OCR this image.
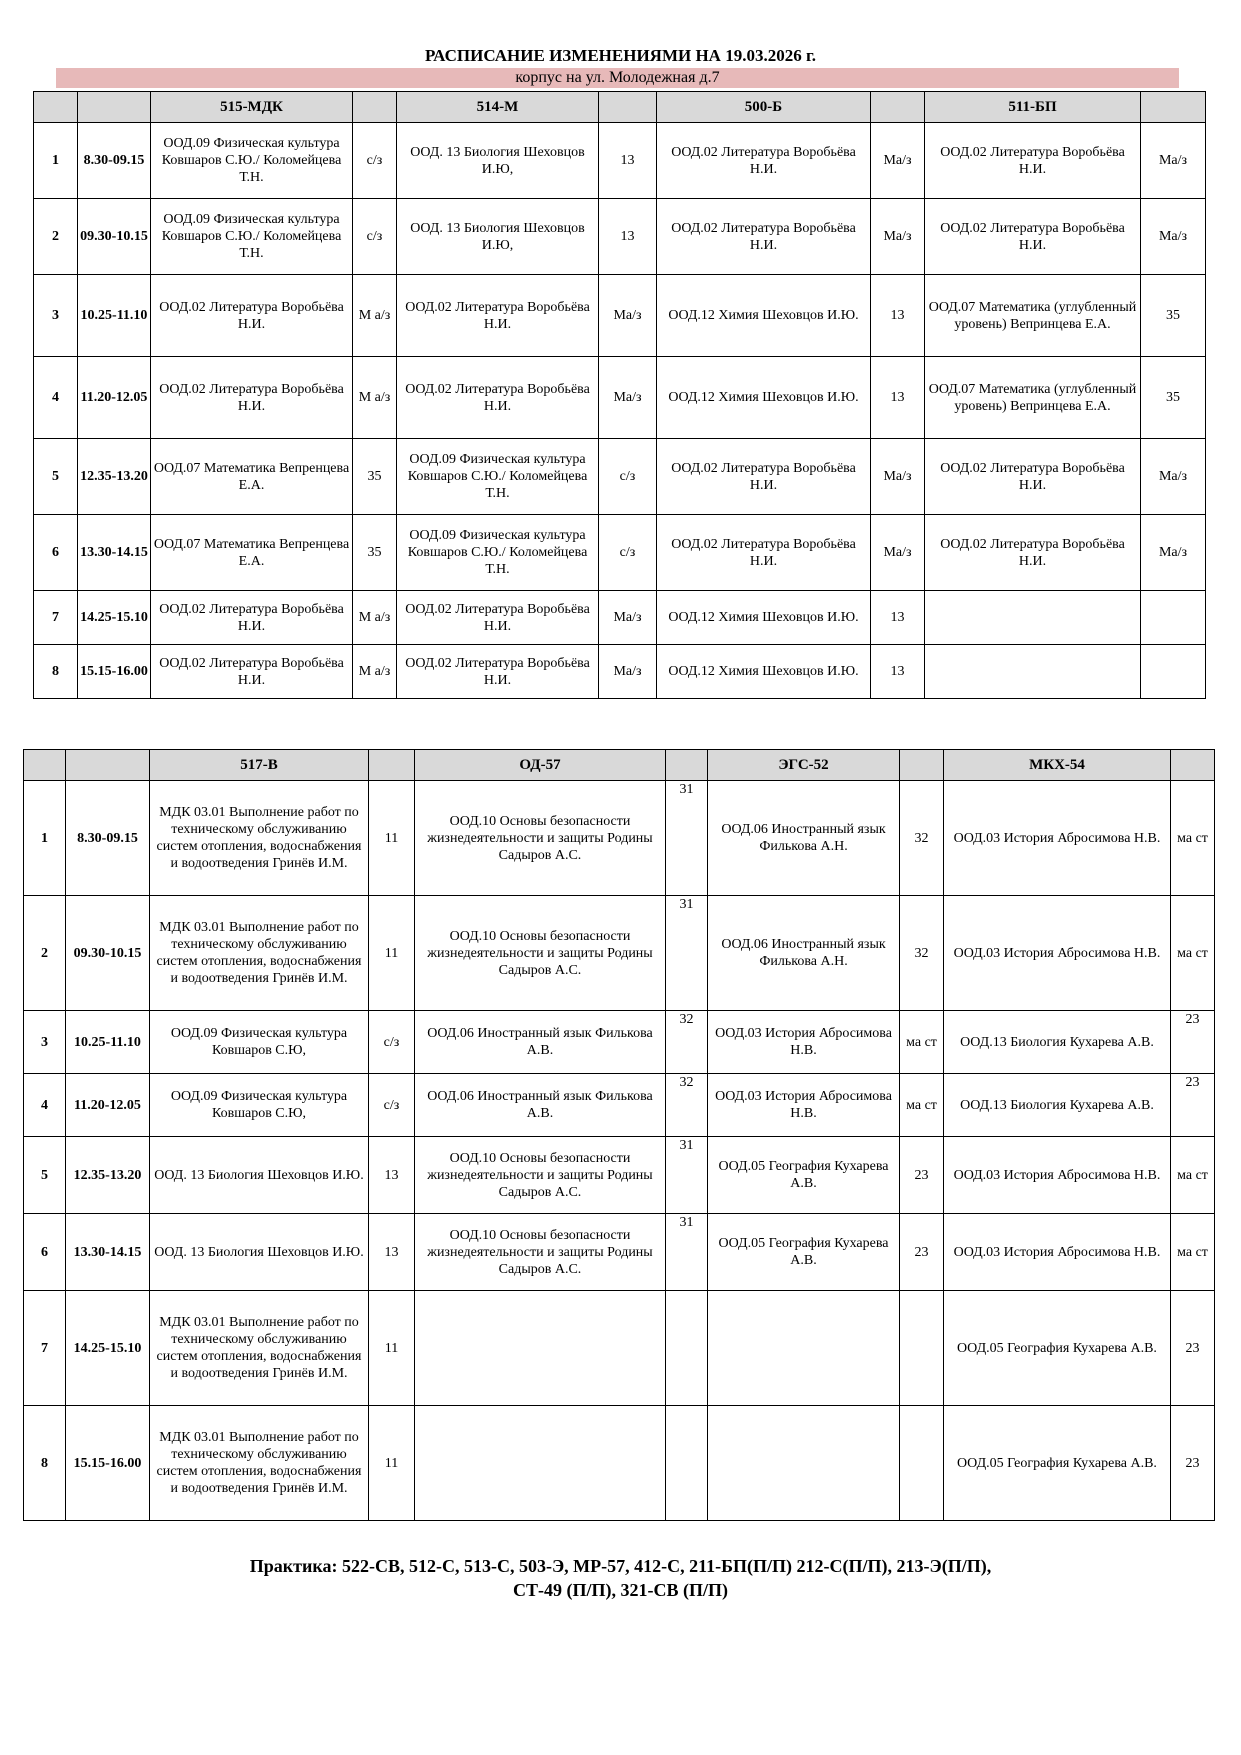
РАСПИСАНИЕ ИЗМЕНЕНИЯМИ НА 19.03.2026 г.
корпус на ул. Молодежная д.7
		515-МДК		514-М		500-Б		511-БП	
1	8.30-09.15	ООД.09 Физическая культура Ковшаров С.Ю./ Коломейцева Т.Н.	с/з	ООД. 13 Биология Шеховцов И.Ю,	13	ООД.02 Литература Воробьёва Н.И.	Ма/з	ООД.02 Литература Воробьёва Н.И.	Ма/з
2	09.30-10.15	ООД.09 Физическая культура Ковшаров С.Ю./ Коломейцева Т.Н.	с/з	ООД. 13 Биология Шеховцов И.Ю,	13	ООД.02 Литература Воробьёва Н.И.	Ма/з	ООД.02 Литература Воробьёва Н.И.	Ма/з
3	10.25-11.10	ООД.02 Литература Воробьёва Н.И.	М а/з	ООД.02 Литература Воробьёва Н.И.	Ма/з	ООД.12 Химия Шеховцов И.Ю.	13	ООД.07 Математика (углубленный уровень) Вепринцева Е.А.	35
4	11.20-12.05	ООД.02 Литература Воробьёва Н.И.	М а/з	ООД.02 Литература Воробьёва Н.И.	Ма/з	ООД.12 Химия Шеховцов И.Ю.	13	ООД.07 Математика (углубленный уровень) Вепринцева Е.А.	35
5	12.35-13.20	ООД.07 Математика Вепренцева Е.А.	35	ООД.09 Физическая культура Ковшаров С.Ю./ Коломейцева Т.Н.	с/з	ООД.02 Литература Воробьёва Н.И.	Ма/з	ООД.02 Литература Воробьёва Н.И.	Ма/з
6	13.30-14.15	ООД.07 Математика Вепренцева Е.А.	35	ООД.09 Физическая культура Ковшаров С.Ю./ Коломейцева Т.Н.	с/з	ООД.02 Литература Воробьёва Н.И.	Ма/з	ООД.02 Литература Воробьёва Н.И.	Ма/з
7	14.25-15.10	ООД.02 Литература Воробьёва Н.И.	М а/з	ООД.02 Литература Воробьёва Н.И.	Ма/з	ООД.12 Химия Шеховцов И.Ю.	13		
8	15.15-16.00	ООД.02 Литература Воробьёва Н.И.	М а/з	ООД.02 Литература Воробьёва Н.И.	Ма/з	ООД.12 Химия Шеховцов И.Ю.	13		
		517-В		ОД-57		ЭГС-52		МКХ-54	
1	8.30-09.15	МДК 03.01 Выполнение работ по техническому обслуживанию систем отопления, водоснабжения и водоотведения Гринёв И.М.	11	ООД.10 Основы безопасности жизнедеятельности и защиты Родины Садыров А.С.	31	ООД.06 Иностранный язык Филькова А.Н.	32	ООД.03 История Абросимова Н.В.	ма ст
2	09.30-10.15	МДК 03.01 Выполнение работ по техническому обслуживанию систем отопления, водоснабжения и водоотведения Гринёв И.М.	11	ООД.10 Основы безопасности жизнедеятельности и защиты Родины Садыров А.С.	31	ООД.06 Иностранный язык Филькова А.Н.	32	ООД.03 История Абросимова Н.В.	ма ст
3	10.25-11.10	ООД.09 Физическая культура Ковшаров С.Ю,	с/з	ООД.06 Иностранный язык Филькова А.В.	32	ООД.03 История Абросимова Н.В.	ма ст	ООД.13 Биология Кухарева А.В.	23
4	11.20-12.05	ООД.09 Физическая культура Ковшаров С.Ю,	с/з	ООД.06 Иностранный язык Филькова А.В.	32	ООД.03 История Абросимова Н.В.	ма ст	ООД.13 Биология Кухарева А.В.	23
5	12.35-13.20	ООД. 13 Биология Шеховцов И.Ю.	13	ООД.10 Основы безопасности жизнедеятельности и защиты Родины Садыров А.С.	31	ООД.05 География Кухарева А.В.	23	ООД.03 История Абросимова Н.В.	ма ст
6	13.30-14.15	ООД. 13 Биология Шеховцов И.Ю.	13	ООД.10 Основы безопасности жизнедеятельности и защиты Родины Садыров А.С.	31	ООД.05 География Кухарева А.В.	23	ООД.03 История Абросимова Н.В.	ма ст
7	14.25-15.10	МДК 03.01 Выполнение работ по техническому обслуживанию систем отопления, водоснабжения и водоотведения Гринёв И.М.	11					ООД.05 География Кухарева А.В.	23
8	15.15-16.00	МДК 03.01 Выполнение работ по техническому обслуживанию систем отопления, водоснабжения и водоотведения Гринёв И.М.	11					ООД.05 География Кухарева А.В.	23
Практика: 522-СВ, 512-С, 513-С, 503-Э, МР-57, 412-С, 211-БП(П/П) 212-С(П/П), 213-Э(П/П),
СТ-49 (П/П), 321-СВ (П/П)
